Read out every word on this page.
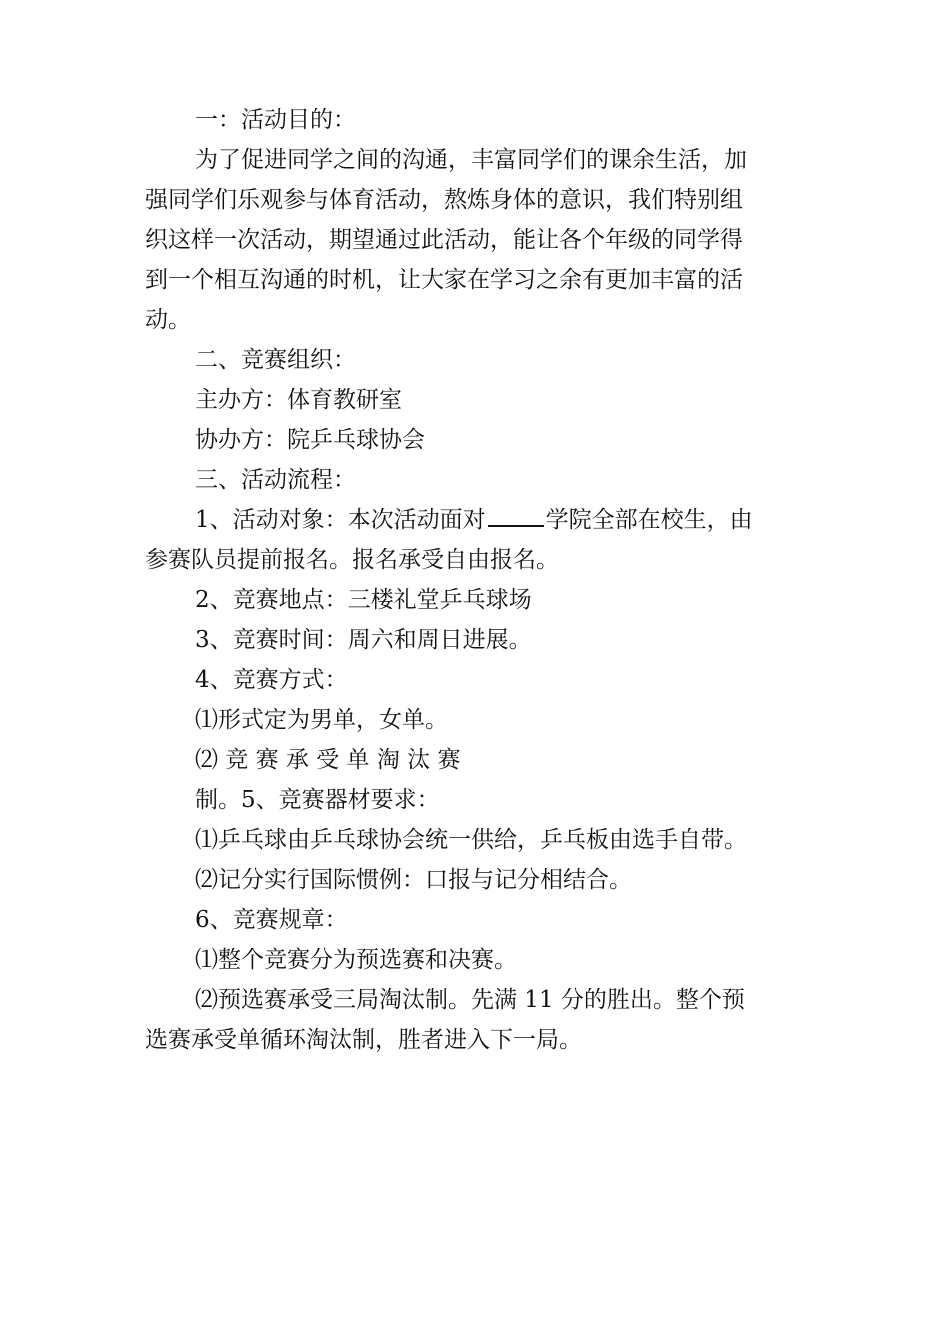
一：活动目的：
为了促进同学之间的沟通，丰富同学们的课余生活，加
强同学们乐观参与体育活动，熬炼身体的意识，我们特别组
织这样一次活动，期望通过此活动，能让各个年级的同学得
到一个相互沟通的时机，让大家在学习之余有更加丰富的活
动。
二、竞赛组织：
主办方：体育教研室
协办方：院乒乓球协会
三、活动流程：
1、活动对象：本次活动面对	学院全部在校生，由
参赛队员提前报名。报名承受自由报名。
2、竞赛地点：三楼礼堂乒乓球场
3、竞赛时间：周六和周日进展。
4、竞赛方式：
⑴形式定为男单，女单。
⑵ 竞 赛 承 受 单 淘 汰 赛
制。5、竞赛器材要求：
⑴乒乓球由乒乓球协会统一供给，乒乓板由选手自带。
⑵记分实行国际惯例：口报与记分相结合。
6、竞赛规章：
⑴整个竞赛分为预选赛和决赛。
⑵预选赛承受三局淘汰制。先满 11 分的胜出。整个预
选赛承受单循环淘汰制，胜者进入下一局。
